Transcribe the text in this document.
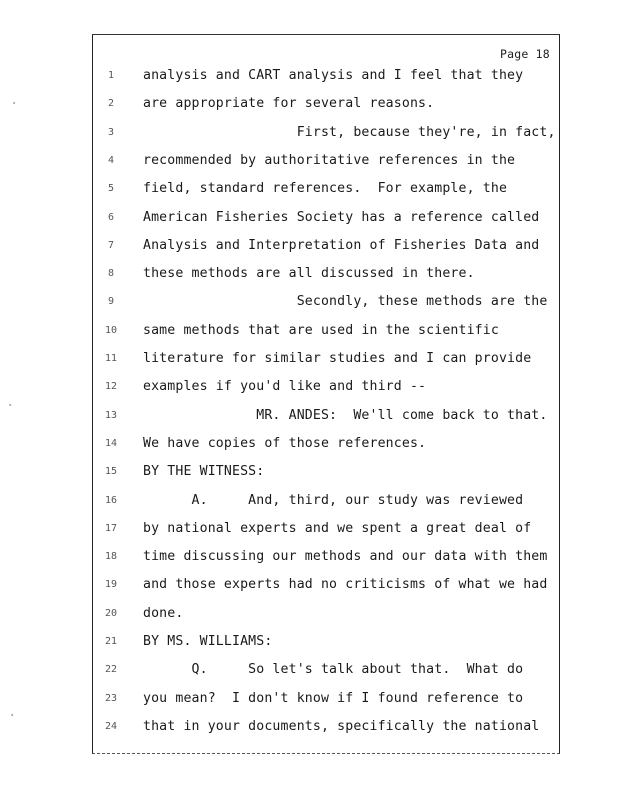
Page 18
1	analysis and CART analysis and I feel that they
2	are appropriate for several reasons.
3	First, because they're, in fact,
4	recommended by authoritative references in the
5	field, standard references.  For example, the
6	American Fisheries Society has a reference called
7	Analysis and Interpretation of Fisheries Data and
8	these methods are all discussed in there.
9	Secondly, these methods are the
10	same methods that are used in the scientific
11	literature for similar studies and I can provide
12	examples if you'd like and third --
13	MR. ANDES:  We'll come back to that.
14	We have copies of those references.
15	BY THE WITNESS:
16	A.     And, third, our study was reviewed
17	by national experts and we spent a great deal of
18	time discussing our methods and our data with them
19	and those experts had no criticisms of what we had
20	done.
21	BY MS. WILLIAMS:
22	Q.     So let's talk about that.  What do
23	you mean?  I don't know if I found reference to
24	that in your documents, specifically the national
·
·
·
